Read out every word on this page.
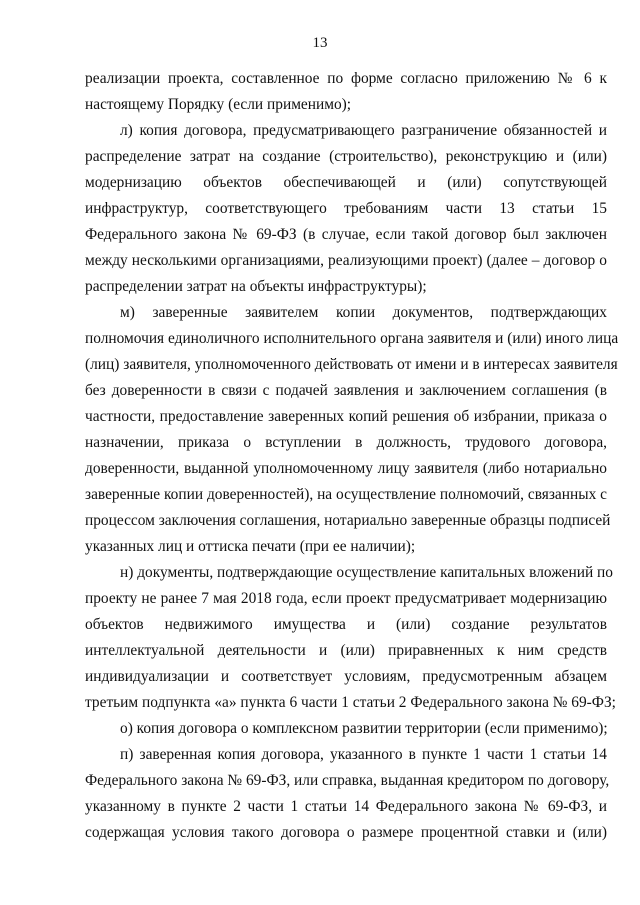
13
реализации проекта, составленное по форме согласно приложению № 6 к
настоящему Порядку (если применимо);
л) копия договора, предусматривающего разграничение обязанностей и
распределение затрат на создание (строительство), реконструкцию и (или)
модернизацию объектов обеспечивающей и (или) сопутствующей
инфраструктур, соответствующего требованиям части 13 статьи 15
Федерального закона № 69-ФЗ (в случае, если такой договор был заключен
между несколькими организациями, реализующими проект) (далее – договор о
распределении затрат на объекты инфраструктуры);
м) заверенные заявителем копии документов, подтверждающих
полномочия единоличного исполнительного органа заявителя и (или) иного лица
(лиц) заявителя, уполномоченного действовать от имени и в интересах заявителя
без доверенности в связи с подачей заявления и заключением соглашения (в
частности, предоставление заверенных копий решения об избрании, приказа о
назначении, приказа о вступлении в должность, трудового договора,
доверенности, выданной уполномоченному лицу заявителя (либо нотариально
заверенные копии доверенностей), на осуществление полномочий, связанных с
процессом заключения соглашения, нотариально заверенные образцы подписей
указанных лиц и оттиска печати (при ее наличии);
н) документы, подтверждающие осуществление капитальных вложений по
проекту не ранее 7 мая 2018 года, если проект предусматривает модернизацию
объектов недвижимого имущества и (или) создание результатов
интеллектуальной деятельности и (или) приравненных к ним средств
индивидуализации и соответствует условиям, предусмотренным абзацем
третьим подпункта «а» пункта 6 части 1 статьи 2 Федерального закона № 69-ФЗ;
о) копия договора о комплексном развитии территории (если применимо);
п) заверенная копия договора, указанного в пункте 1 части 1 статьи 14
Федерального закона № 69-ФЗ, или справка, выданная кредитором по договору,
указанному в пункте 2 части 1 статьи 14 Федерального закона № 69-ФЗ, и
содержащая условия такого договора о размере процентной ставки и (или)
